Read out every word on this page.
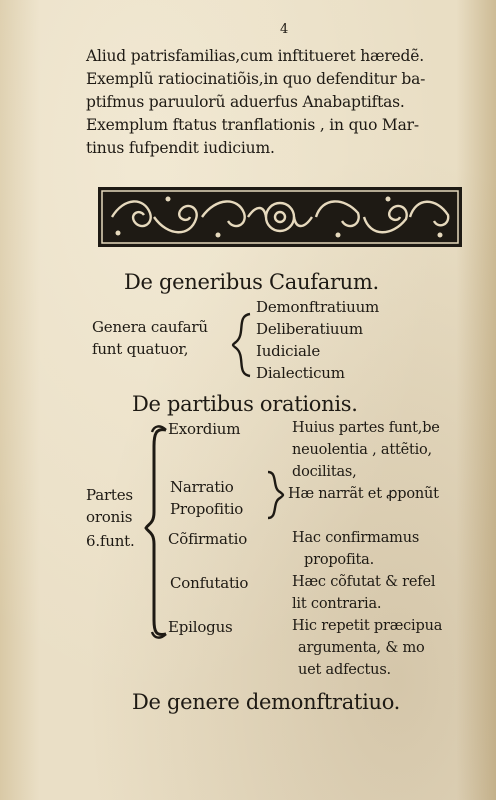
4
Aliud patrisfamilias,cum inftitueret hæredẽ.
Exemplũ ratiocinatiõis,in quo defenditur ba-
ptifmus paruulorũ aduerfus Anabaptiftas.
Exemplum ftatus tranflationis , in quo Mar-
tinus fufpendit iudicium.
De generibus Caufarum.
Genera caufarũ
funt quatuor,
Demonftratiuum
Deliberatiuum
Iudiciale
Dialecticum
De partibus orationis.
Partes
oronis
6.funt.
Exordium
Narratio
Propofitio
Cõfirmatio
Confutatio
Epilogus
Huius partes funt,be
neuolentia , attẽtio,
docilitas,
Hæ narrãt et ꝓponũt
Hac confirmamus
propofita.
Hæc cõfutat & refel
lit contraria.
Hic repetit præcipua
argumenta, & mo
uet adfectus.
De genere demonftratiuo.
